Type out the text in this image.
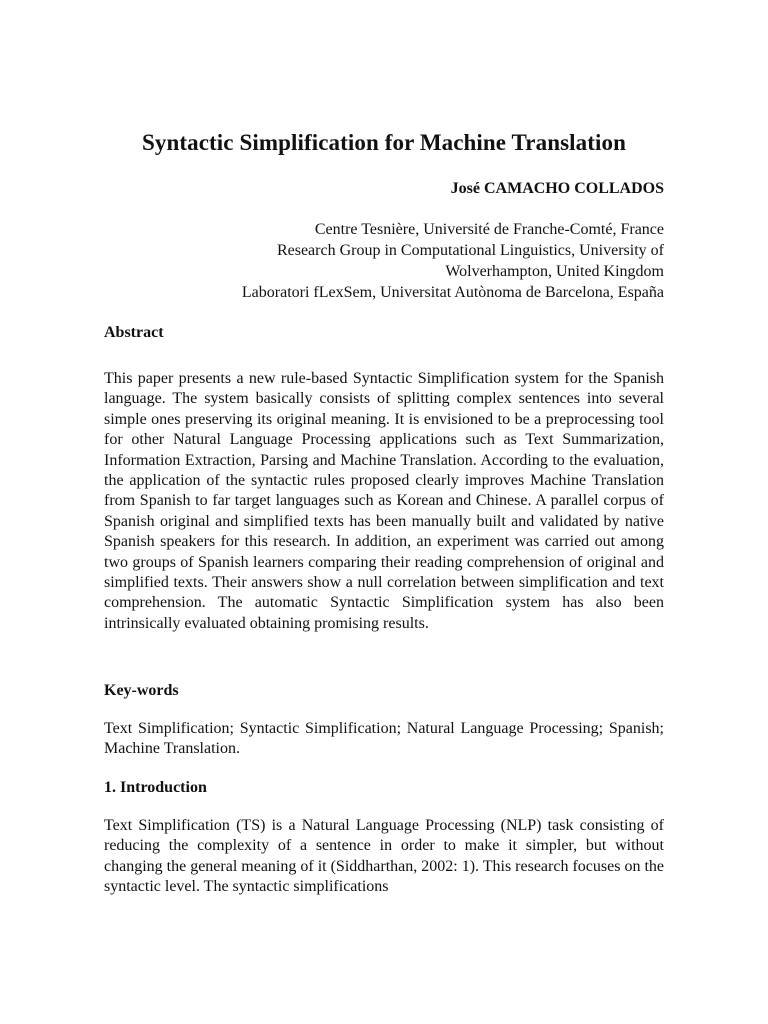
Syntactic Simplification for Machine Translation

José CAMACHO COLLADOS

Centre Tesnière, Université de Franche-Comté, France
Research Group in Computational Linguistics, University of
Wolverhampton, United Kingdom
Laboratori fLexSem, Universitat Autònoma de Barcelona, España
Abstract

This paper presents a new rule-based Syntactic Simplification system for the Spanish language. The system basically consists of splitting complex sentences into several simple ones preserving its original meaning. It is envisioned to be a preprocessing tool for other Natural Language Processing applications such as Text Summarization, Information Extraction, Parsing and Machine Translation. According to the evaluation, the application of the syntactic rules proposed clearly improves Machine Translation from Spanish to far target languages such as Korean and Chinese. A parallel corpus of Spanish original and simplified texts has been manually built and validated by native Spanish speakers for this research. In addition, an experiment was carried out among two groups of Spanish learners comparing their reading comprehension of original and simplified texts. Their answers show a null correlation between simplification and text comprehension. The automatic Syntactic Simplification system has also been intrinsically evaluated obtaining promising results.

Key-words

Text Simplification; Syntactic Simplification; Natural Language Processing; Spanish; Machine Translation.

1. Introduction

Text Simplification (TS) is a Natural Language Processing (NLP) task consisting of reducing the complexity of a sentence in order to make it simpler, but without changing the general meaning of it (Siddharthan, 2002: 1). This research focuses on the syntactic level. The syntactic simplifications
